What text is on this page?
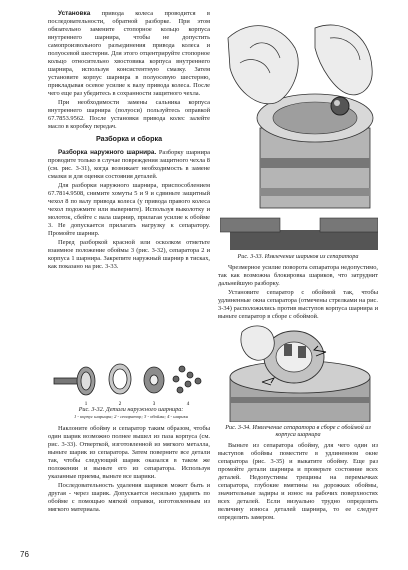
Установка привода колеса проводится в последовательности, обратной разборке. При этом обязательно замените стопорное кольцо корпуса внутреннего шарнира, чтобы не допустить самопроизвольного разъединения привода колеса и полуосевой шестерни. Для этого отцентрируйте стопорное кольцо относительно хвостовика корпуса внутреннего шарнира, используя консистентную смазку. Затем установите корпус шарнира в полуосевую шестерню, прикладывая осевое усилие к валу привода колеса. После чего еще раз убедитесь в сохранности защитного чехла.

При необходимости замены сальника корпуса внутреннего шарнира (полуоси) пользуйтесь оправкой 67.7853.9562. После установки привода колес залейте масло в коробку передач.

Разборка и сборка

Разборка наружного шарнира. Разборку шарнира проводите только в случае повреждения защитного чехла 8 (см. рис. 3-31), когда возникает необходимость в замене смазки и для оценки состояния деталей.

Для разборки наружного шарнира, приспособлением 67.7814.9508, снимите хомуты 5 и 9 и сдвиньте защитный чехол 8 по валу привода колеса (у привода правого колеса чехол подожмите или выверните). Используя выколотку и молоток, сбейте с вала шарнир, прилагая усилие к обойме 3. Не допускается прилагать нагрузку к сепаратору. Промойте шарнир.

Перед разборкой красной или осколком отметьте взаимное положение обоймы 3 (рис. 3-32), сепаратора 2 и корпуса 1 шарнира. Закрепите наружный шарнир в тисках, как показано на рис. 3-33.

1	2	3	4

Рис. 3-32. Детали наружного шарнира:

1 - корпус шарнира; 2 - сепаратор; 3 - обойма; 4 - шарики

Наклоните обойму и сепаратор таким образом, чтобы один шарик возможно полнее вышел из паза корпуса (см. рис. 3-33). Отверткой, изготовленной из мягкого металла, выньте шарик из сепаратора. Затем поверните все детали так, чтобы следующий шарик оказался в таком же положении и выньте его из сепаратора. Используя указанные приемы, выньте все шарики.

Последовательность удаления шариков может быть и другая - через шарик. Допускается несильно ударить по обойме с помощью мягкой оправки, изготовленным из мягкого материала.

Рис. 3-33. Извлечение шариков из сепаратора

Чрезмерное усилие поворота сепаратора недопустимо, так как возможна блокировка шариков, что затруднит дальнейшую разборку.

Установите сепаратор с обоймой так, чтобы удлиненные окна сепаратора (отмечены стрелками на рис. 3-34) расположились против выступов корпуса шарнира и выньте сепаратор в сборе с обоймой.

Рис. 3-34. Извлечение сепаратора в сборе с обоймой из корпуса шарнира

Выньте из сепаратора обойму, для чего один из выступов обоймы поместите в удлиненном окне сепаратора (рис. 3-35) и выкатите обойму. Еще раз промойте детали шарнира и проверьте состояние всех деталей. Недопустимы трещины на перемычках сепаратора, глубокие вмятины на дорожках обоймы, значительные задиры и износ на рабочих поверхностях всех деталей. Если визуально трудно определить величину износа деталей шарнира, то ее следует определить замером.

76
